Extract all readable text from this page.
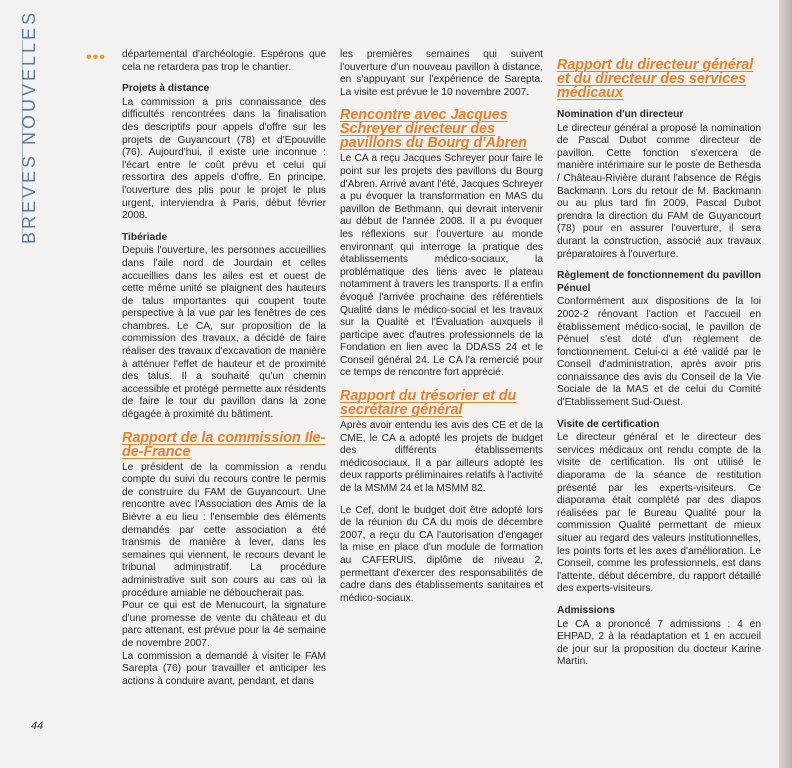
BREVES NOUVELLES	••• départemental d'archéologie. Espérons que cela ne retardera pas trop le chantier.

Projets à distance

La commission a pris connaissance des difficultés rencontrées dans la finalisation des descriptifs pour appels d'offre sur les projets de Guyancourt (78) et d'Epouville (76). Aujourd'hui, il existe une inconnue : l'écart entre le coût prévu et celui qui ressortira des appels d'offre. En principe, l'ouverture des plis pour le projet le plus urgent, interviendra à Paris, début février 2008.

Tibériade

Depuis l'ouverture, les personnes accueillies dans l'aile nord de Jourdain et celles accueillies dans les ailes est et ouest de cette même unité se plaignent des hauteurs de talus importantes qui coupent toute perspective à la vue par les fenêtres de ces chambres. Le CA, sur proposition de la commission des travaux, a décidé de faire réaliser des travaux d'excavation de manière à atténuer l'effet de hauteur et de proximité des talus. Il a souhaité qu'un chemin accessible et protégé permette aux résidents de faire le tour du pavillon dans la zone dégagée à proximité du bâtiment.

Rapport de la commission Ile-de-France

Le président de la commission a rendu compte du suivi du recours contre le permis de construire du FAM de Guyancourt. Une rencontre avec l'Association des Amis de la Bièvre a eu lieu : l'ensemble des éléments demandés par cette association a été transmis de manière à lever, dans les semaines qui viennent, le recours devant le tribunal administratif. La procédure administrative suit son cours au cas où la procédure amiable ne déboucherait pas.

Pour ce qui est de Menucourt, la signature d'une promesse de vente du château et du parc attenant, est prévue pour la 4e semaine de novembre 2007.

La commission a demandé à visiter le FAM Sarepta (76) pour travailler et anticiper les actions à conduire avant, pendant, et dans

les premières semaines qui suivent l'ouverture d'un nouveau pavillon à distance, en s'appuyant sur l'expérience de Sarepta. La visite est prévue le 10 novembre 2007.

Rencontre avec Jacques Schreyer directeur des pavillons du Bourg d'Abren

Le CA a reçu Jacques Schreyer pour faire le point sur les projets des pavillons du Bourg d'Abren. Arrivé avant l'été, Jacques Schreyer a pu évoquer la transformation en MAS du pavillon de Bethmann, qui devrait intervenir au début de l'année 2008. Il a pu évoquer les réflexions sur l'ouverture au monde environnant qui interroge la pratique des établissements médico-sociaux, la problématique des liens avec le plateau notamment à travers les transports. Il a enfin évoqué l'arrivée prochaine des référentiels Qualité dans le médico-social et les travaux sur la Qualité et l'Évaluation auxquels il participe avec d'autres professionnels de la Fondation en lien avec la DDASS 24 et le Conseil général 24. Le CA l'a remercié pour ce temps de rencontre fort apprécié.

Rapport du trésorier et du secrétaire général

Après avoir entendu les avis des CE et de la CME, le CA a adopté les projets de budget des différents établissements médicosociaux. Il a par ailleurs adopté les deux rapports préliminaires relatifs à l'activité de la MSMM 24 et la MSMM 82.

Le Cef, dont le budget doit être adopté lors de la réunion du CA du mois de décembre 2007, a reçu du CA l'autorisation d'engager la mise en place d'un module de formation au CAFERUIS, diplôme de niveau 2, permettant d'exercer des responsabilités de cadre dans des établissements sanitaires et médico-sociaux.

Rapport du directeur général et du directeur des services médicaux
Nomination d'un directeur

Le directeur général a proposé la nomination de Pascal Dubot comme directeur de pavillon. Cette fonction s'exercera de manière intérimaire sur le poste de Bethesda / Château-Rivière durant l'absence de Régis Backmann. Lors du retour de M. Backmann ou au plus tard fin 2009, Pascal Dubot prendra la direction du FAM de Guyancourt (78) pour en assurer l'ouverture, il sera durant la construction, associé aux travaux préparatoires à l'ouverture.

Règlement de fonctionnement du pavillon Pénuel

Conformément aux dispositions de la loi 2002-2 rénovant l'action et l'accueil en établissement médico-social, le pavillon de Pénuel s'est doté d'un règlement de fonctionnement. Celui-ci a été validé par le Conseil d'administration, après avoir pris connaissance des avis du Conseil de la Vie Sociale de la MAS et de celui du Comité d'Etablissement Sud-Ouest.

Visite de certification

Le directeur général et le directeur des services médicaux ont rendu compte de la visite de certification. Ils ont utilisé le diaporama de la séance de restitution présenté par les experts-visiteurs. Ce diaporama était complété par des diapos réalisées par le Bureau Qualité pour la commission Qualité permettant de mieux situer au regard des valeurs institutionnelles, les points forts et les axes d'amélioration. Le Conseil, comme les professionnels, est dans l'attente, début décembre, du rapport détaillé des experts-visiteurs.

Admissions

Le CA a prononcé 7 admissions : 4 en EHPAD, 2 à la réadaptation et 1 en accueil de jour sur la proposition du docteur Karine Martin.

44
